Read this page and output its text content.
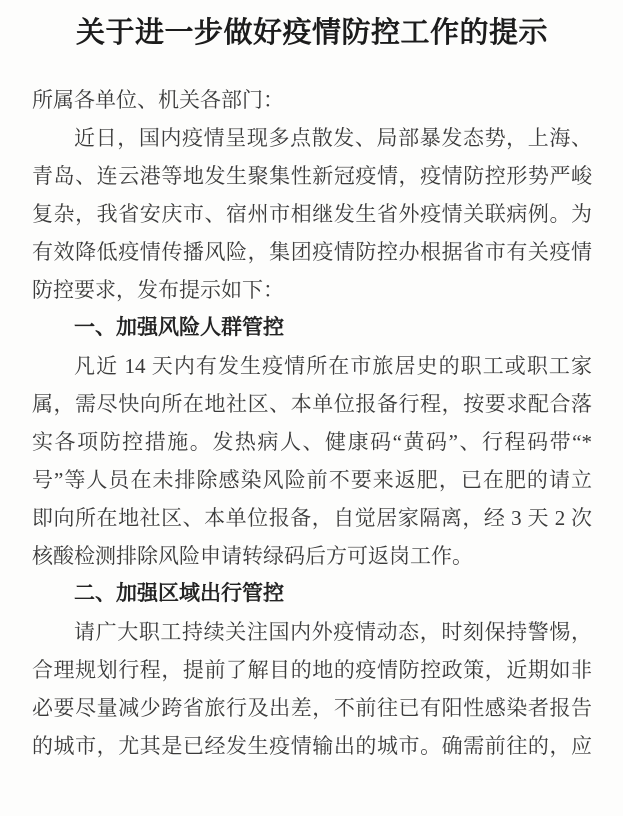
关于进一步做好疫情防控工作的提示
所属各单位、机关各部门：
近日，国内疫情呈现多点散发、局部暴发态势，上海、
青岛、连云港等地发生聚集性新冠疫情，疫情防控形势严峻
复杂，我省安庆市、宿州市相继发生省外疫情关联病例。为
有效降低疫情传播风险，集团疫情防控办根据省市有关疫情
防控要求，发布提示如下：
一、加强风险人群管控
凡近 14 天内有发生疫情所在市旅居史的职工或职工家
属，需尽快向所在地社区、本单位报备行程，按要求配合落
实各项防控措施。发热病人、健康码“黄码”、行程码带“*
号”等人员在未排除感染风险前不要来返肥，已在肥的请立
即向所在地社区、本单位报备，自觉居家隔离，经 3 天 2 次
核酸检测排除风险申请转绿码后方可返岗工作。
二、加强区域出行管控
请广大职工持续关注国内外疫情动态，时刻保持警惕，
合理规划行程，提前了解目的地的疫情防控政策，近期如非
必要尽量减少跨省旅行及出差，不前往已有阳性感染者报告
的城市，尤其是已经发生疫情输出的城市。确需前往的，应
